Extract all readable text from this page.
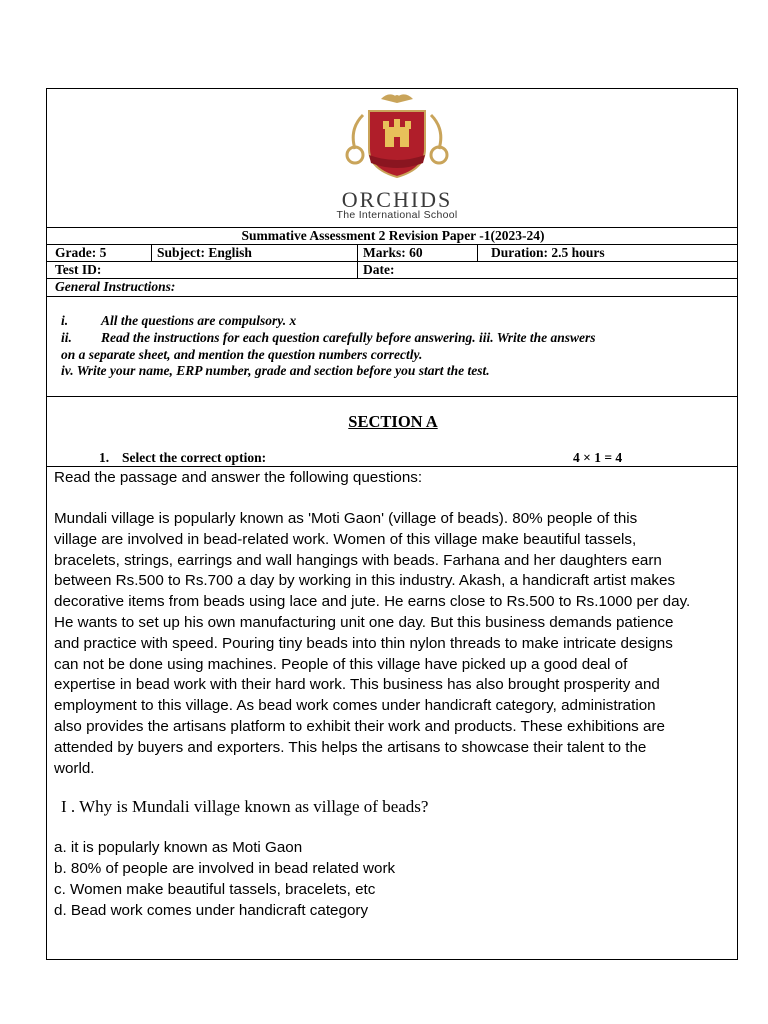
ORCHIDS
The International School
Summative Assessment 2 Revision Paper -1(2023-24)
Grade: 5	Subject: English	Marks: 60	Duration: 2.5 hours
Test ID:	Date:
General Instructions:
i. All the questions are compulsory. x
ii. Read the instructions for each question carefully before answering. iii. Write the answers
on a separate sheet, and mention the question numbers correctly.
iv. Write your name, ERP number, grade and section before you start the test.
SECTION A
1. Select the correct option:	4 × 1 = 4
Read the passage and answer the following questions:

Mundali village is popularly known as 'Moti Gaon' (village of beads). 80% people of this

village are involved in bead-related work. Women of this village make beautiful tassels,

bracelets, strings, earrings and wall hangings with beads. Farhana and her daughters earn

between Rs.500 to Rs.700 a day by working in this industry. Akash, a handicraft artist makes

decorative items from beads using lace and jute. He earns close to Rs.500 to Rs.1000 per day.

He wants to set up his own manufacturing unit one day. But this business demands patience

and practice with speed. Pouring tiny beads into thin nylon threads to make intricate designs

can not be done using machines. People of this village have picked up a good deal of

expertise in bead work with their hard work. This business has also brought prosperity and

employment to this village. As bead work comes under handicraft category, administration

also provides the artisans platform to exhibit their work and products. These exhibitions are

attended by buyers and exporters. This helps the artisans to showcase their talent to the

world.

I . Why is Mundali village known as village of beads?
a. it is popularly known as Moti Gaon
b. 80% of people are involved in bead related work
c. Women make beautiful tassels, bracelets, etc
d. Bead work comes under handicraft category
